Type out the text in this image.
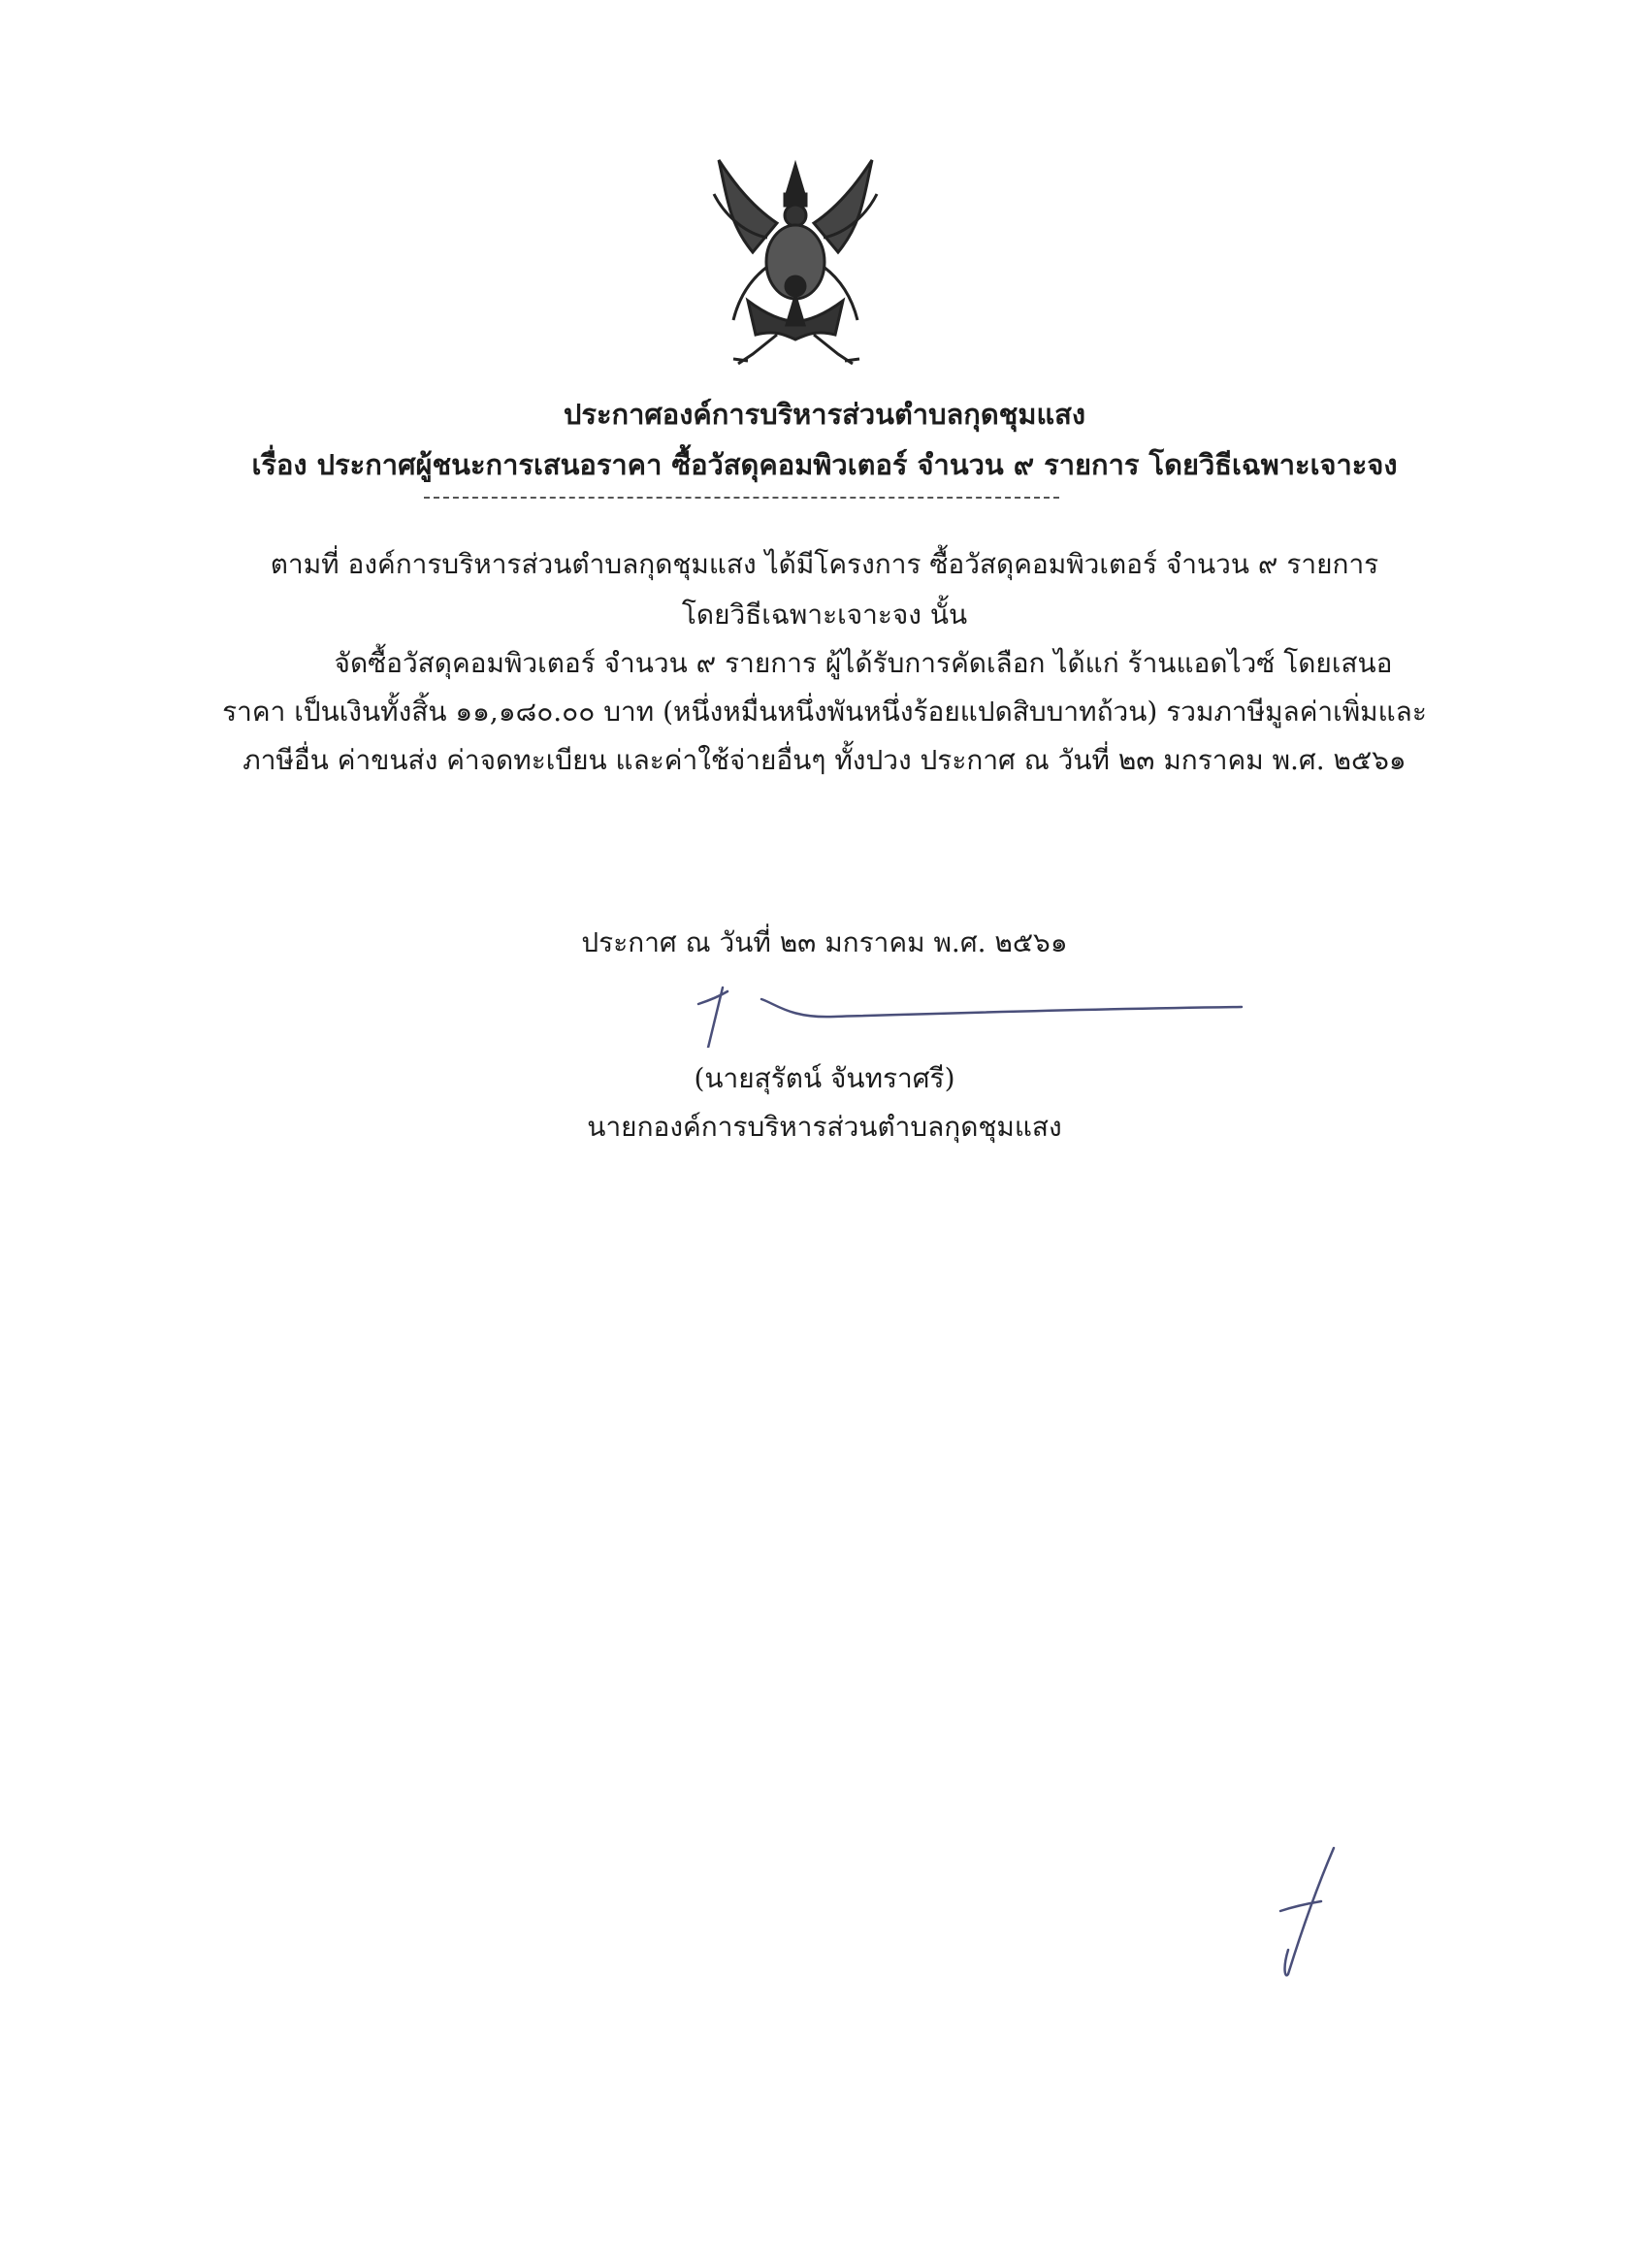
ประกาศองค์การบริหารส่วนตำบลกุดชุมแสง
เรื่อง ประกาศผู้ชนะการเสนอราคา ซื้อวัสดุคอมพิวเตอร์ จำนวน ๙ รายการ โดยวิธีเฉพาะเจาะจง
ตามที่ องค์การบริหารส่วนตำบลกุดชุมแสง ได้มีโครงการ ซื้อวัสดุคอมพิวเตอร์ จำนวน ๙ รายการ
โดยวิธีเฉพาะเจาะจง นั้น
จัดซื้อวัสดุคอมพิวเตอร์ จำนวน ๙ รายการ ผู้ได้รับการคัดเลือก ได้แก่ ร้านแอดไวซ์ โดยเสนอ
ราคา เป็นเงินทั้งสิ้น ๑๑,๑๘๐.๐๐ บาท (หนึ่งหมื่นหนึ่งพันหนึ่งร้อยแปดสิบบาทถ้วน) รวมภาษีมูลค่าเพิ่มและ
ภาษีอื่น ค่าขนส่ง ค่าจดทะเบียน และค่าใช้จ่ายอื่นๆ ทั้งปวง ประกาศ ณ วันที่ ๒๓ มกราคม พ.ศ. ๒๕๖๑
ประกาศ ณ วันที่ ๒๓ มกราคม พ.ศ. ๒๕๖๑
(นายสุรัตน์ จันทราศรี)
นายกองค์การบริหารส่วนตำบลกุดชุมแสง
